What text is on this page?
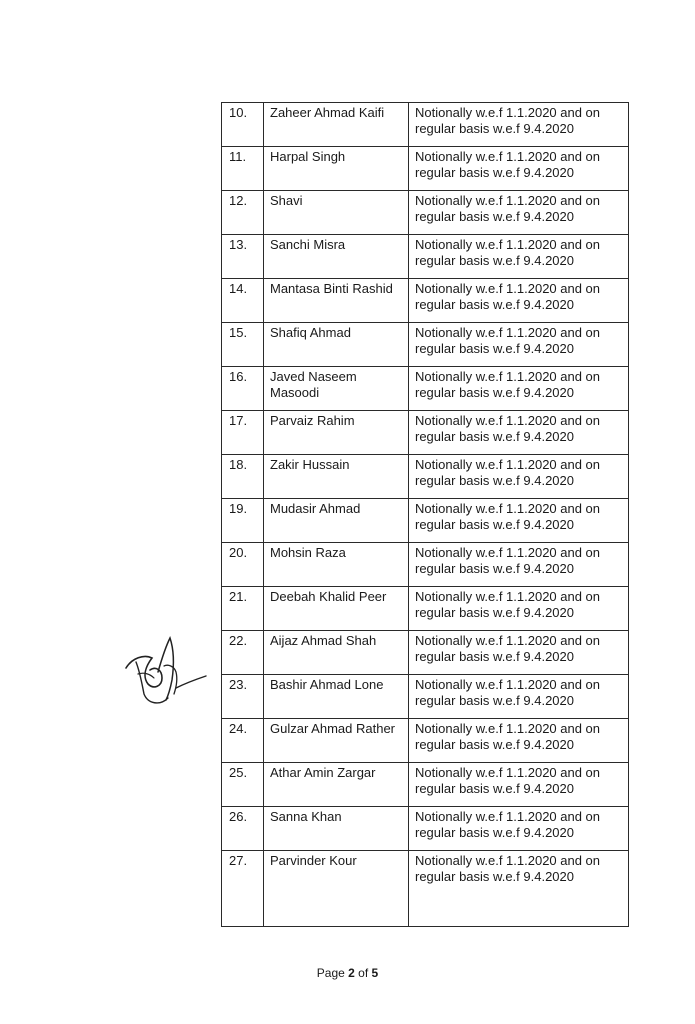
10.	Zaheer Ahmad Kaifi	Notionally w.e.f 1.1.2020 and on regular basis w.e.f 9.4.2020
11.	Harpal Singh	Notionally w.e.f 1.1.2020 and on regular basis w.e.f 9.4.2020
12.	Shavi	Notionally w.e.f 1.1.2020 and on regular basis w.e.f 9.4.2020
13.	Sanchi Misra	Notionally w.e.f 1.1.2020 and on regular basis w.e.f 9.4.2020
14.	Mantasa Binti Rashid	Notionally w.e.f 1.1.2020 and on regular basis w.e.f 9.4.2020
15.	Shafiq Ahmad	Notionally w.e.f 1.1.2020 and on regular basis w.e.f 9.4.2020
16.	Javed Naseem Masoodi	Notionally w.e.f 1.1.2020 and on regular basis w.e.f 9.4.2020
17.	Parvaiz Rahim	Notionally w.e.f 1.1.2020 and on regular basis w.e.f 9.4.2020
18.	Zakir Hussain	Notionally w.e.f 1.1.2020 and on regular basis w.e.f 9.4.2020
19.	Mudasir Ahmad	Notionally w.e.f 1.1.2020 and on regular basis w.e.f 9.4.2020
20.	Mohsin Raza	Notionally w.e.f 1.1.2020 and on regular basis w.e.f 9.4.2020
21.	Deebah Khalid Peer	Notionally w.e.f 1.1.2020 and on regular basis w.e.f 9.4.2020
22.	Aijaz Ahmad Shah	Notionally w.e.f 1.1.2020 and on regular basis w.e.f 9.4.2020
23.	Bashir Ahmad Lone	Notionally w.e.f 1.1.2020 and on regular basis w.e.f 9.4.2020
24.	Gulzar Ahmad Rather	Notionally w.e.f 1.1.2020 and on regular basis w.e.f 9.4.2020
25.	Athar Amin Zargar	Notionally w.e.f 1.1.2020 and on regular basis w.e.f 9.4.2020
26.	Sanna Khan	Notionally w.e.f 1.1.2020 and on regular basis w.e.f 9.4.2020
27.	Parvinder Kour	Notionally w.e.f 1.1.2020 and on regular basis w.e.f 9.4.2020
Page 2 of 5
